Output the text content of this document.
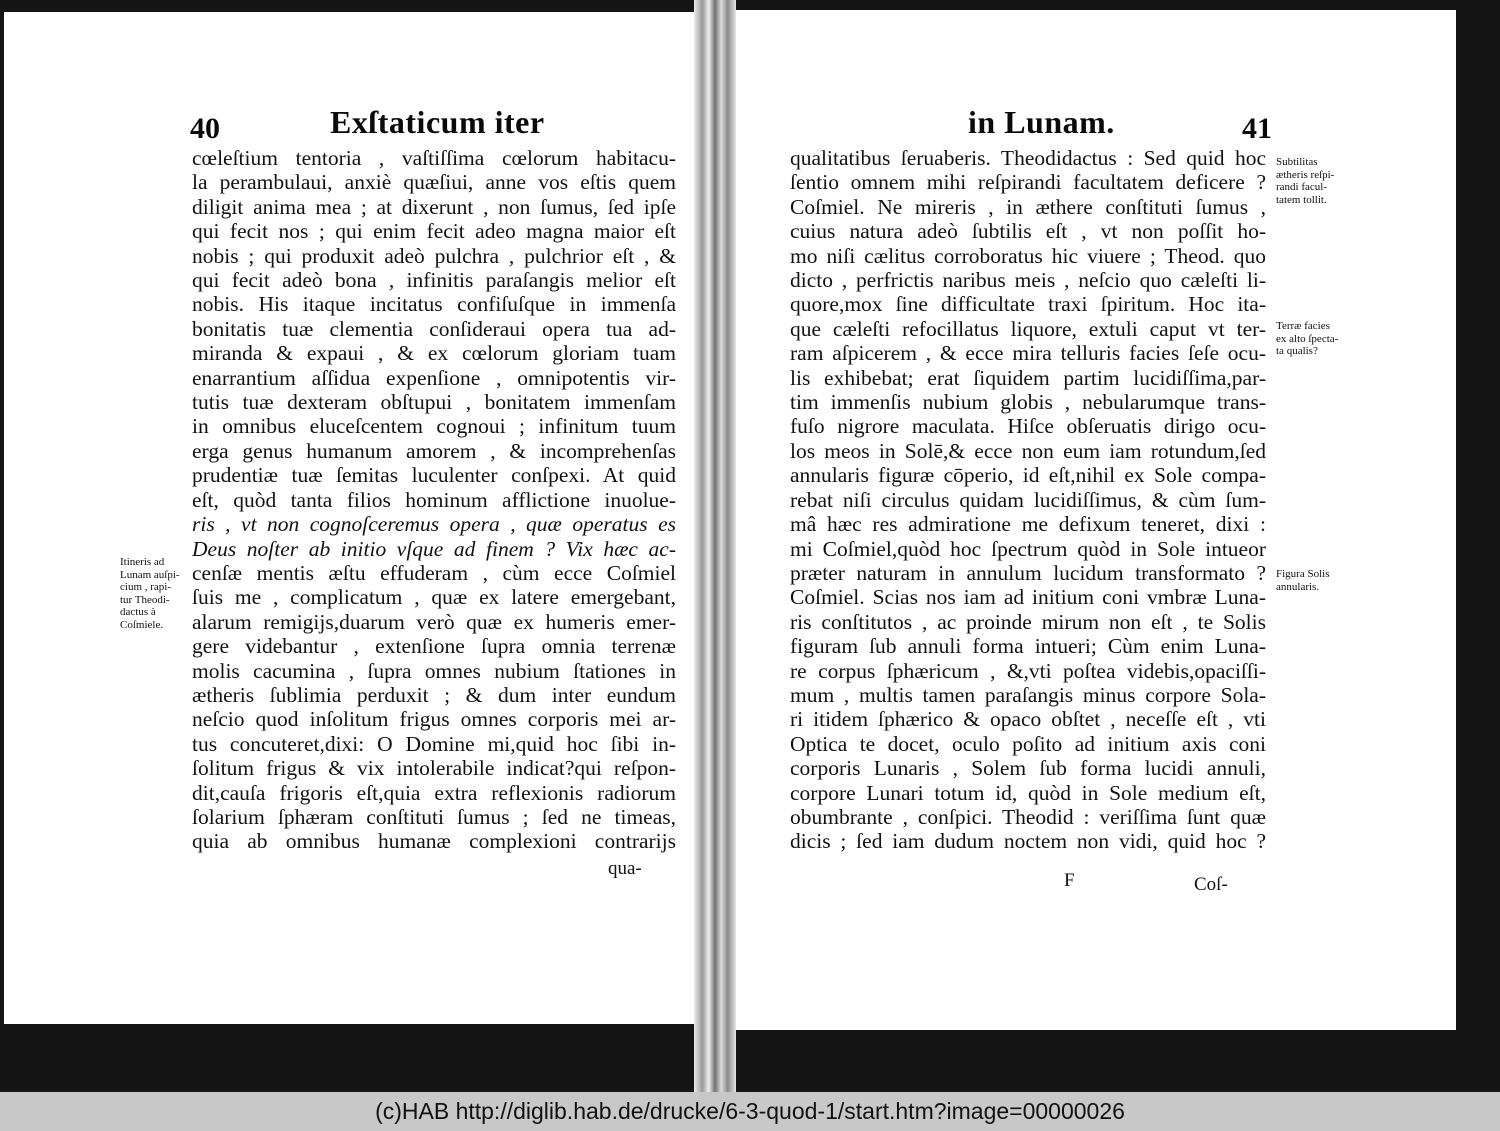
40	Exſtaticum iter
cœleſtium tentoria , vaſtiſſima cœlorum habitacu-
la perambulaui, anxiè quæſiui, anne vos eſtis quem
diligit anima mea ; at dixerunt , non ſumus, ſed ipſe
qui fecit nos ; qui enim fecit adeo magna maior eſt
nobis ; qui produxit adeò pulchra , pulchrior eſt , &
qui fecit adeò bona , infinitis paraſangis melior eſt
nobis. His itaque incitatus confiſuſque in immenſa
bonitatis tuæ clementia conſideraui opera tua ad-
miranda & expaui , & ex cœlorum gloriam tuam
enarrantium aſſidua expenſione , omnipotentis vir-
tutis tuæ dexteram obſtupui , bonitatem immenſam
in omnibus eluceſcentem cognoui ; infinitum tuum
erga genus humanum amorem , & incomprehenſas
prudentiæ tuæ ſemitas luculenter conſpexi. At quid
eſt, quòd tanta filios hominum afflictione inuolue-
ris , vt non cognoſceremus opera , quæ operatus es
Deus noſter ab initio vſque ad finem ? Vix hæc ac-
cenſæ mentis æſtu effuderam , cùm ecce Coſmiel
ſuis me , complicatum , quæ ex latere emergebant,
alarum remigijs,duarum verò quæ ex humeris emer-
gere videbantur , extenſione ſupra omnia terrenæ
molis cacumina , ſupra omnes nubium ſtationes in
ætheris ſublimia perduxit ; & dum inter eundum
neſcio quod inſolitum frigus omnes corporis mei ar-
tus concuteret,dixi: O Domine mi,quid hoc ſibi in-
ſolitum frigus & vix intolerabile indicat?qui reſpon-
dit,cauſa frigoris eſt,quia extra reflexionis radiorum
ſolarium ſphæram conſtituti ſumus ; ſed ne timeas,
quia ab omnibus humanæ complexioni contrarijs
qua-
Itineris ad
Lunam auſpi-
cium , rapi-
tur Theodi-
dactus à
Coſmiele.
in Lunam.	41
qualitatibus ſeruaberis. Theodidactus : Sed quid hoc
ſentio omnem mihi reſpirandi facultatem deficere ?
Coſmiel. Ne mireris , in æthere conſtituti ſumus ,
cuius natura adeò ſubtilis eſt , vt non poſſit ho-
mo niſi cælitus corroboratus hic viuere ; Theod. quo
dicto , perfrictis naribus meis , neſcio quo cæleſti li-
quore,mox ſine difficultate traxi ſpiritum. Hoc ita-
que cæleſti refocillatus liquore, extuli caput vt ter-
ram aſpicerem , & ecce mira telluris facies ſeſe ocu-
lis exhibebat; erat ſiquidem partim lucidiſſima,par-
tim immenſis nubium globis , nebularumque trans-
fuſo nigrore maculata. Hiſce obſeruatis dirigo ocu-
los meos in Solē,& ecce non eum iam rotundum,ſed
annularis figuræ cōperio, id eſt,nihil ex Sole compa-
rebat niſi circulus quidam lucidiſſimus, & cùm ſum-
mâ hæc res admiratione me defixum teneret, dixi :
mi Coſmiel,quòd hoc ſpectrum quòd in Sole intueor
præter naturam in annulum lucidum transformato ?
Coſmiel. Scias nos iam ad initium coni vmbræ Luna-
ris conſtitutos , ac proinde mirum non eſt , te Solis
figuram ſub annuli forma intueri; Cùm enim Luna-
re corpus ſphæricum , &,vti poſtea videbis,opaciſſi-
mum , multis tamen paraſangis minus corpore Sola-
ri itidem ſphærico & opaco obſtet , neceſſe eſt , vti
Optica te docet, oculo poſito ad initium axis coni
corporis Lunaris , Solem ſub forma lucidi annuli,
corpore Lunari totum id, quòd in Sole medium eſt,
obumbrante , conſpici. Theodid : veriſſima ſunt quæ
dicis ; ſed iam dudum noctem non vidi, quid hoc ?
F	Coſ-
Subtilitas
ætheris reſpi-
randi facul-
tatem tollit.
Terræ facies
ex alto ſpecta-
ta qualis?
Figura Solis
annularis.
(c)HAB http://diglib.hab.de/drucke/6-3-quod-1/start.htm?image=00000026
